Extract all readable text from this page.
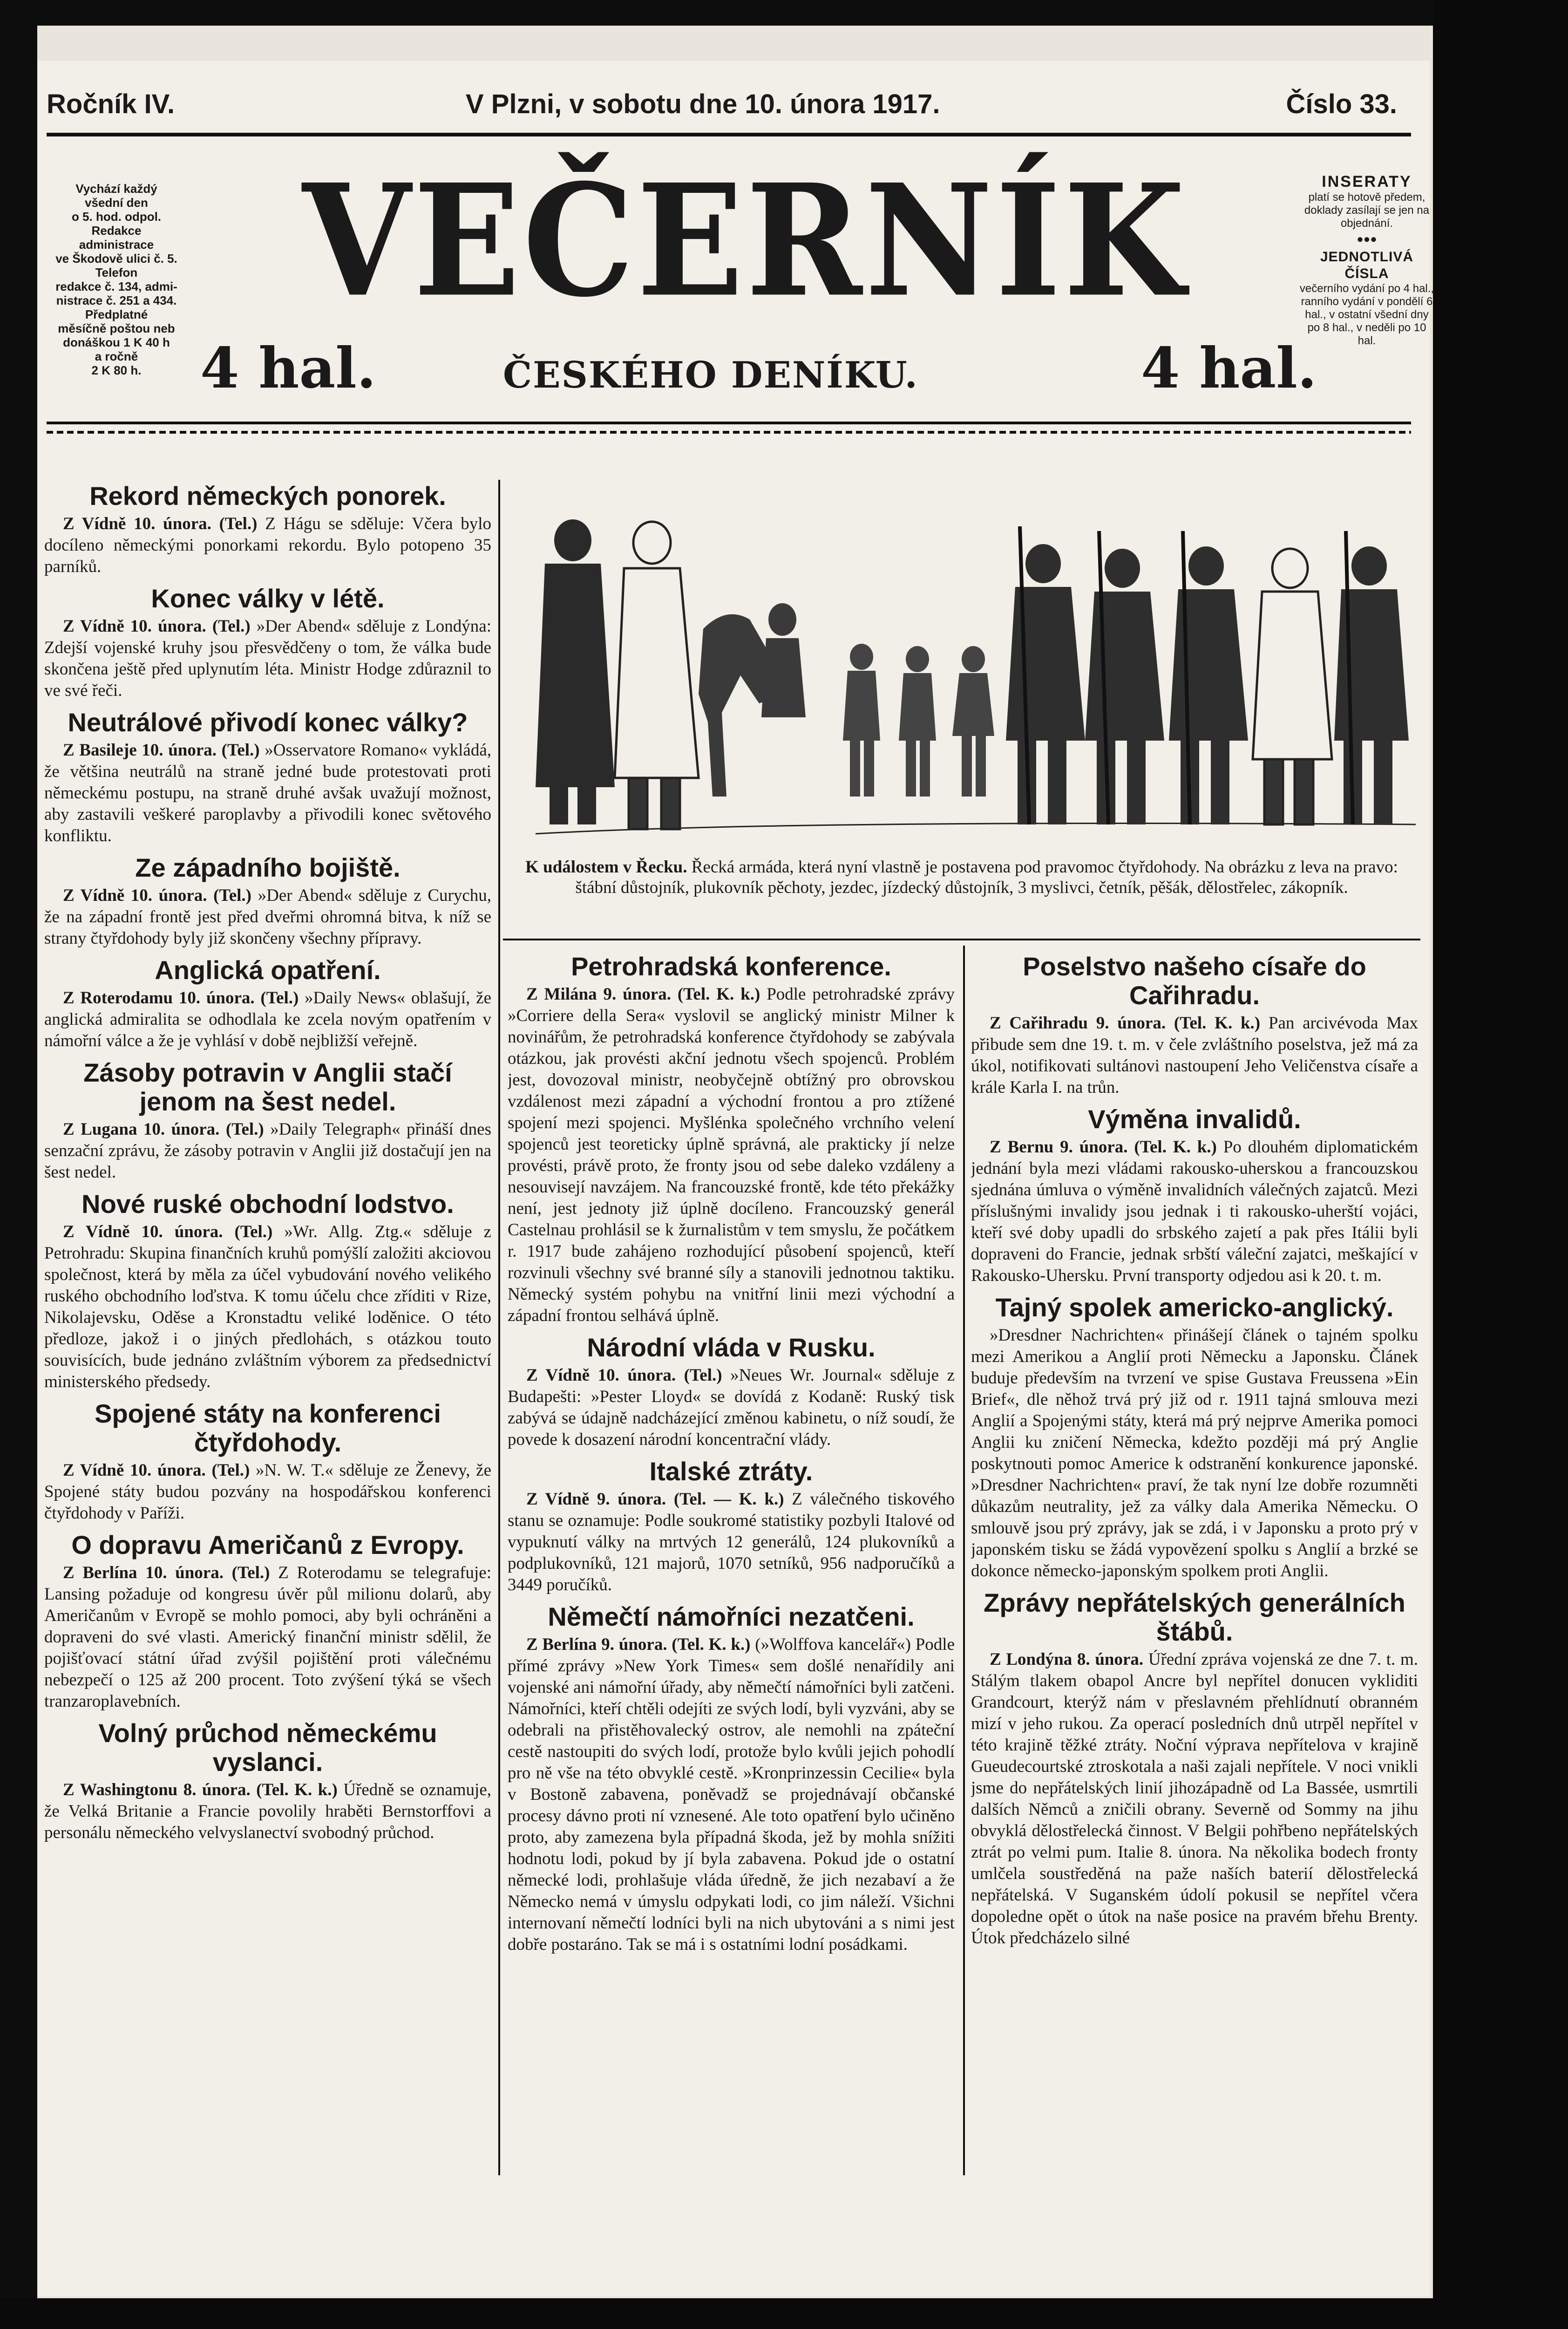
Ročník IV.	V Plzni, v sobotu dne 10. února 1917.	Číslo 33.
Vychází každý
všední den
o 5. hod. odpol.
Redakce
administrace
ve Škodově ulici č. 5.
Telefon
redakce č. 134, admi-
nistrace č. 251 a 434.
Předplatné
měsíčně poštou neb
donáškou 1 K 40 h
a ročně
2 K 80 h.
VEČERNÍK
4 hal.	ČESKÉHO DENÍKU.	4 hal.
INSERATY
platí se hotově předem, doklady zasílají se jen na objednání.
●●●
JEDNOTLIVÁ ČÍSLA
večerního vydání po 4 hal., ranního vydání v pondělí 6 hal., v ostatní všední dny po 8 hal., v neděli po 10 hal.
Rekord německých ponorek.

Z Vídně 10. února. (Tel.) Z Hágu se sděluje: Včera bylo docíleno německými ponorkami rekordu. Bylo potopeno 35 parníků.

Konec války v létě.

Z Vídně 10. února. (Tel.) »Der Abend« sděluje z Londýna: Zdejší vojenské kruhy jsou přesvědčeny o tom, že válka bude skončena ještě před uplynutím léta. Ministr Hodge zdůraznil to ve své řeči.

Neutrálové přivodí konec války?

Z Basileje 10. února. (Tel.) »Osservatore Romano« vykládá, že většina neutrálů na straně jedné bude protestovati proti německému postupu, na straně druhé avšak uvažují možnost, aby zastavili veškeré paroplavby a přivodili konec světového konfliktu.

Ze západního bojiště.

Z Vídně 10. února. (Tel.) »Der Abend« sděluje z Curychu, že na západní frontě jest před dveřmi ohromná bitva, k níž se strany čtyřdohody byly již skončeny všechny přípravy.

Anglická opatření.

Z Roterodamu 10. února. (Tel.) »Daily News« oblašují, že anglická admiralita se odhodlala ke zcela novým opatřením v námořní válce a že je vyhlásí v době nejbližší veřejně.

Zásoby potravin v Anglii stačí jenom na šest nedel.

Z Lugana 10. února. (Tel.) »Daily Telegraph« přináší dnes senzační zprávu, že zásoby potravin v Anglii již dostačují jen na šest nedel.

Nové ruské obchodní lodstvo.

Z Vídně 10. února. (Tel.) »Wr. Allg. Ztg.« sděluje z Petrohradu: Skupina finančních kruhů pomýšlí založiti akciovou společnost, která by měla za účel vybudování nového velikého ruského obchodního loďstva. K tomu účelu chce zříditi v Rize, Nikolajevsku, Oděse a Kronstadtu veliké loděnice. O této předloze, jakož i o jiných předlohách, s otázkou touto souvisících, bude jednáno zvláštním výborem za předsednictví ministerského předsedy.

Spojené státy na konferenci čtyřdohody.

Z Vídně 10. února. (Tel.) »N. W. T.« sděluje ze Ženevy, že Spojené státy budou pozvány na hospodářskou konferenci čtyřdohody v Paříži.

O dopravu Američanů z Evropy.

Z Berlína 10. února. (Tel.) Z Roterodamu se telegrafuje: Lansing požaduje od kongresu úvěr půl milionu dolarů, aby Američanům v Evropě se mohlo pomoci, aby byli ochráněni a dopraveni do své vlasti. Americký finanční ministr sdělil, že pojišťovací státní úřad zvýšil pojištění proti válečnému nebezpečí o 125 až 200 procent. Toto zvýšení týká se všech tranzaroplavebních.

Volný průchod německému vyslanci.

Z Washingtonu 8. února. (Tel. K. k.) Úředně se oznamuje, že Velká Britanie a Francie povolily hraběti Bernstorffovi a personálu německého velvyslanectví svobodný průchod.

K událostem v Řecku. Řecká armáda, která nyní vlastně je postavena pod pravomoc čtyřdohody. Na obrázku z leva na pravo: štábní důstojník, plukovník pěchoty, jezdec, jízdecký důstojník, 3 myslivci, četník, pěšák, dělostřelec, zákopník.
Petrohradská konference.

Z Milána 9. února. (Tel. K. k.) Podle petrohradské zprávy »Corriere della Sera« vyslovil se anglický ministr Milner k novinářům, že petrohradská konference čtyřdohody se zabývala otázkou, jak provésti akční jednotu všech spojenců. Problém jest, dovozoval ministr, neobyčejně obtížný pro obrovskou vzdálenost mezi západní a východní frontou a pro ztížené spojení mezi spojenci. Myšlénka společného vrchního velení spojenců jest teoreticky úplně správná, ale prakticky jí nelze provésti, právě proto, že fronty jsou od sebe daleko vzdáleny a nesouvisejí navzájem. Na francouzské frontě, kde této překážky není, jest jednoty již úplně docíleno. Francouzský generál Castelnau prohlásil se k žurnalistům v tem smyslu, že počátkem r. 1917 bude zahájeno rozhodující působení spojenců, kteří rozvinuli všechny své branné síly a stanovili jednotnou taktiku. Německý systém pohybu na vnitřní linii mezi východní a západní frontou selhává úplně.

Národní vláda v Rusku.

Z Vídně 10. února. (Tel.) »Neues Wr. Journal« sděluje z Budapešti: »Pester Lloyd« se dovídá z Kodaně: Ruský tisk zabývá se údajně nadcházející změnou kabinetu, o níž soudí, že povede k dosazení národní koncentrační vlády.

Italské ztráty.

Z Vídně 9. února. (Tel. — K. k.) Z válečného tiskového stanu se oznamuje: Podle soukromé statistiky pozbyli Italové od vypuknutí války na mrtvých 12 generálů, 124 plukovníků a podplukovníků, 121 majorů, 1070 setníků, 956 nadporučíků a 3449 poručíků.

Němečtí námořníci nezatčeni.

Z Berlína 9. února. (Tel. K. k.) (»Wolffova kancelář«) Podle přímé zprávy »New York Times« sem došlé nenařídily ani vojenské ani námořní úřady, aby němečtí námořníci byli zatčeni. Námořníci, kteří chtěli odejíti ze svých lodí, byli vyzváni, aby se odebrali na přistěhovalecký ostrov, ale nemohli na zpáteční cestě nastoupiti do svých lodí, protože bylo kvůli jejich pohodlí pro ně vše na této obvyklé cestě. »Kronprinzessin Cecilie« byla v Bostoně zabavena, poněvadž se projednávají občanské procesy dávno proti ní vznesené. Ale toto opatření bylo učiněno proto, aby zamezena byla případná škoda, jež by mohla snížiti hodnotu lodi, pokud by jí byla zabavena. Pokud jde o ostatní německé lodi, prohlašuje vláda úředně, že jich nezabaví a že Německo nemá v úmyslu odpykati lodi, co jim náleží. Všichni internovaní němečtí lodníci byli na nich ubytováni a s nimi jest dobře postaráno. Tak se má i s ostatními lodní posádkami.

Poselstvo našeho císaře do Cařihradu.

Z Cařihradu 9. února. (Tel. K. k.) Pan arcivévoda Max přibude sem dne 19. t. m. v čele zvláštního poselstva, jež má za úkol, notifikovati sultánovi nastoupení Jeho Veličenstva císaře a krále Karla I. na trůn.

Výměna invalidů.

Z Bernu 9. února. (Tel. K. k.) Po dlouhém diplomatickém jednání byla mezi vládami rakousko-uherskou a francouzskou sjednána úmluva o výměně invalidních válečných zajatců. Mezi příslušnými invalidy jsou jednak i ti rakousko-uherští vojáci, kteří své doby upadli do srbského zajetí a pak přes Itálii byli dopraveni do Francie, jednak srbští váleční zajatci, meškající v Rakousko-Uhersku. První transporty odjedou asi k 20. t. m.

Tajný spolek americko-anglický.

»Dresdner Nachrichten« přinášejí článek o tajném spolku mezi Amerikou a Anglií proti Německu a Japonsku. Článek buduje především na tvrzení ve spise Gustava Freussena »Ein Brief«, dle něhož trvá prý již od r. 1911 tajná smlouva mezi Anglií a Spojenými státy, která má prý nejprve Amerika pomoci Anglii ku zničení Německa, kdežto později má prý Anglie poskytnouti pomoc Americe k odstranění konkurence japonské. »Dresdner Nachrichten« praví, že tak nyní lze dobře rozumněti důkazům neutrality, jež za války dala Amerika Německu. O smlouvě jsou prý zprávy, jak se zdá, i v Japonsku a proto prý v japonském tisku se žádá vypovězení spolku s Anglií a brzké se dokonce německo-japonským spolkem proti Anglii.

Zprávy nepřátelských generálních štábů.

Z Londýna 8. února. Úřední zpráva vojenská ze dne 7. t. m. Stálým tlakem obapol Ancre byl nepřítel donucen vykliditi Grandcourt, kterýž nám v přeslavném přehlídnutí obranném mizí v jeho rukou. Za operací posledních dnů utrpěl nepřítel v této krajině těžké ztráty. Noční výprava nepřítelova v krajině Gueudecourtské ztroskotala a naši zajali nepřítele. V noci vnikli jsme do nepřátelských linií jihozápadně od La Bassée, usmrtili dalších Němců a zničili obrany. Severně od Sommy na jihu obvyklá dělostřelecká činnost. V Belgii pohřbeno nepřátelských ztrát po velmi pum. Italie 8. února. Na několika bodech fronty umlčela soustředěná na paže naších baterií dělostřelecká nepřátelská. V Suganském údolí pokusil se nepřítel včera dopoledne opět o útok na naše posice na pravém břehu Brenty. Útok předcházelo silné
